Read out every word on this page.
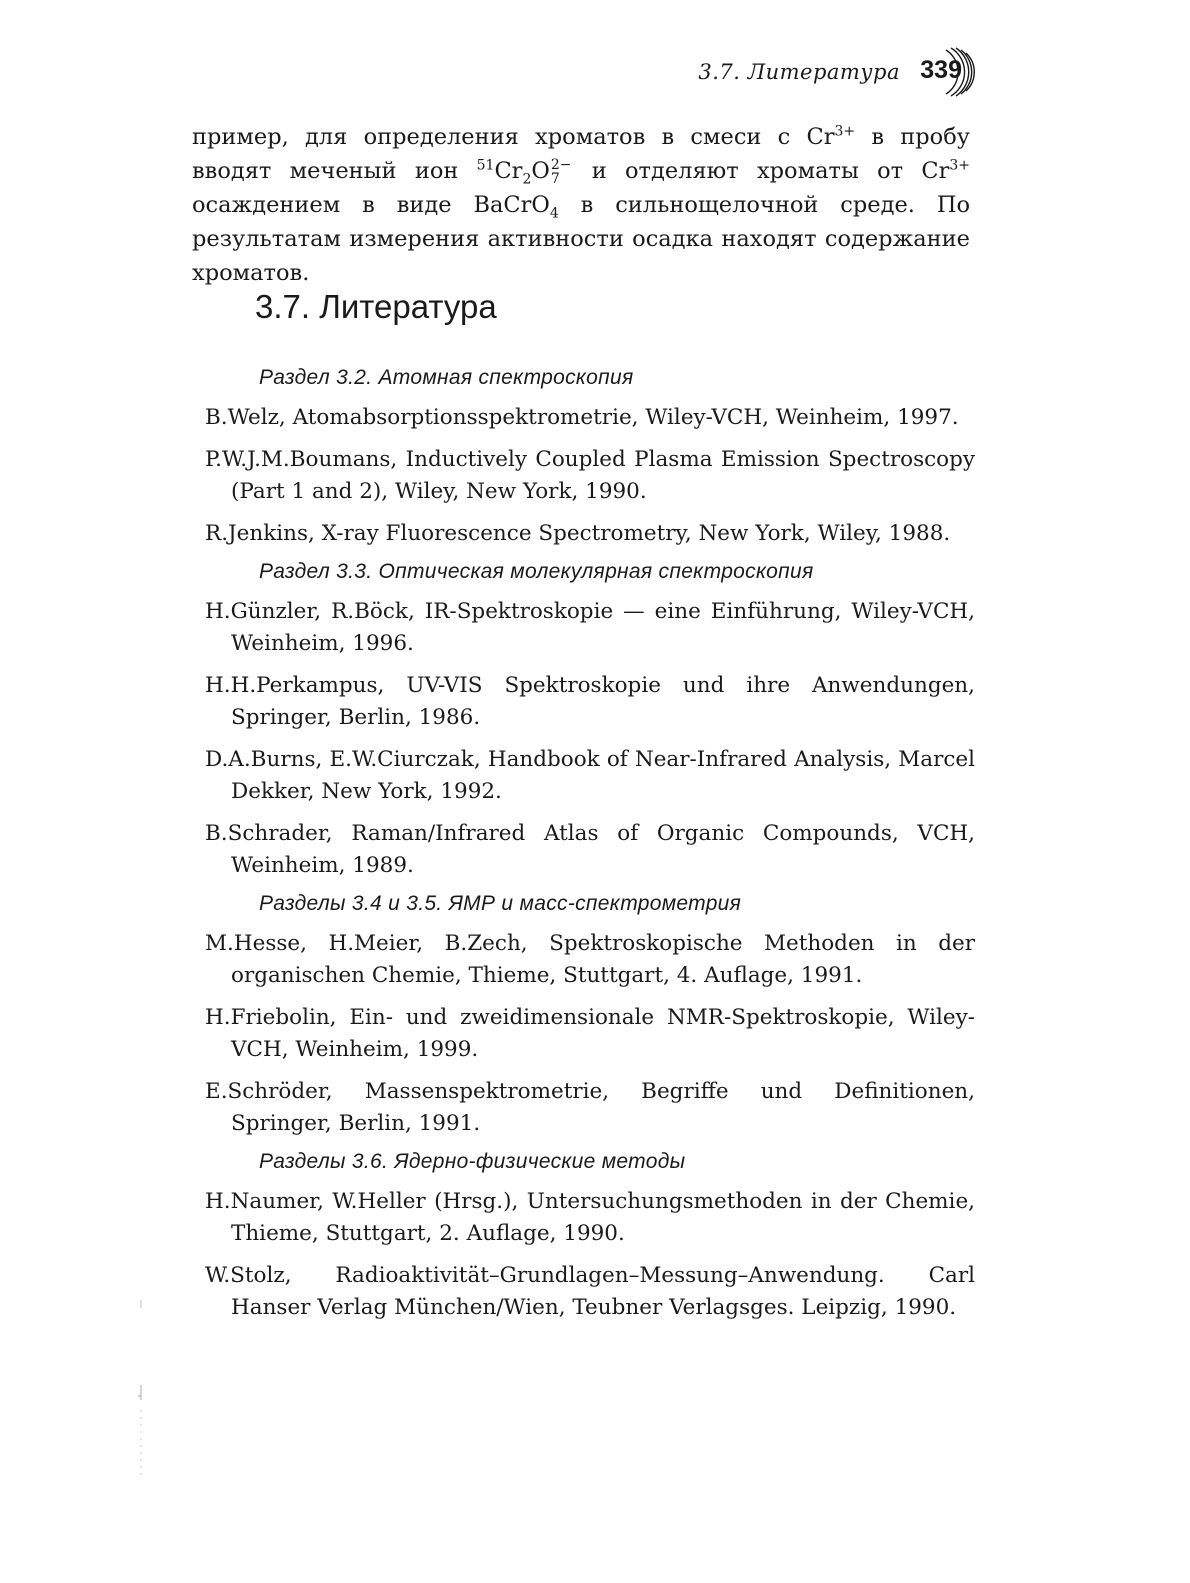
3.7. Литература 339
пример, для определения хроматов в смеси с $Cr^{3+}$ в пробу вводят меченый ион $^{51}Cr_2O$ 2−
7 и отделяют хроматы от $Cr^{3+}$ осаждением в виде BaCrO$_4$ в сильнощелочной среде. По результатам измерения активности осадка находят содержание хроматов.
3.7. Литература

Раздел 3.2. Атомная спектроскопия

B.Welz, Atomabsorptionsspektrometrie, Wiley-VCH, Weinheim, 1997.

P.W.J.M.Boumans, Inductively Coupled Plasma Emission Spectroscopy (Part 1 and 2), Wiley, New York, 1990.

R.Jenkins, X-ray Fluorescence Spectrometry, New York, Wiley, 1988.

Раздел 3.3. Оптическая молекулярная спектроскопия

H.Günzler, R.Böck, IR-Spektroskopie — eine Einführung, Wiley-VCH, Weinheim, 1996.

H.H.Perkampus, UV-VIS Spektroskopie und ihre Anwendungen, Springer, Berlin, 1986.

D.A.Burns, E.W.Ciurczak, Handbook of Near-Infrared Analysis, Marcel Dekker, New York, 1992.

B.Schrader, Raman/Infrared Atlas of Organic Compounds, VCH, Weinheim, 1989.

Разделы 3.4 и 3.5. ЯМР и масс-спектрометрия

M.Hesse, H.Meier, B.Zech, Spektroskopische Methoden in der organischen Chemie, Thieme, Stuttgart, 4. Auflage, 1991.

H.Friebolin, Ein- und zweidimensionale NMR-Spektroskopie, Wiley-VCH, Weinheim, 1999.

E.Schröder, Massenspektrometrie, Begriffe und Definitionen, Springer, Berlin, 1991.

Разделы 3.6. Ядерно-физические методы

H.Naumer, W.Heller (Hrsg.), Untersuchungsmethoden in der Chemie, Thieme, Stuttgart, 2. Auflage, 1990.

W.Stolz, Radioaktivität–Grundlagen–Messung–Anwendung. Carl Hanser Verlag München/Wien, Teubner Verlagsges. Leipzig, 1990.
